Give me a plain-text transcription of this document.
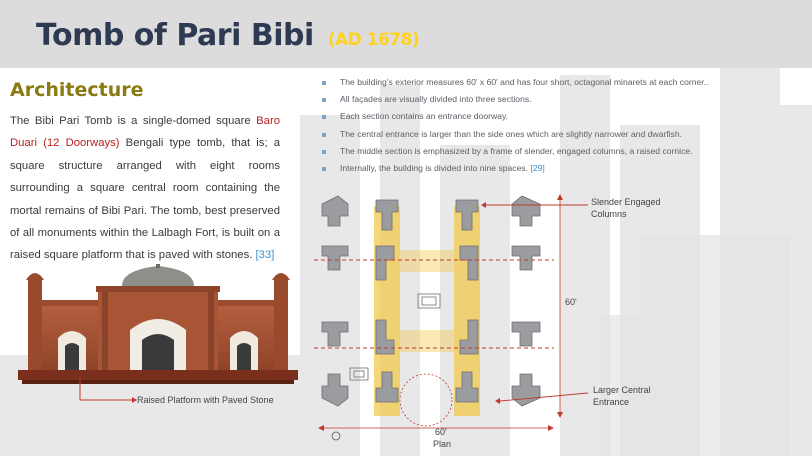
Tomb of Pari Bibi (AD 1678)
Architecture

The Bibi Pari Tomb is a single-domed square Baro Duari (12 Doorways) Bengali type tomb, that is; a square structure arranged with eight rooms surrounding a square central room containing the mortal remains of Bibi Pari. The tomb, best preserved of all monuments within the Lalbagh Fort, is built on a raised square platform that is paved with stones. [33]

The building's exterior measures 60' x 60' and has four short, octagonal minarets at each corner..
All façades are visually divided into three sections.
Each section contains an entrance doorway.
The central entrance is larger than the side ones which are slightly narrower and dwarfish.
The middle section is emphasized by a frame of slender, engaged columns, a raised cornice.
Internally, the building is divided into nine spaces. [29]
Raised Platform with Paved Stone
Slender Engaged
Columns
60'
60'
Plan
Larger Central
Entrance
